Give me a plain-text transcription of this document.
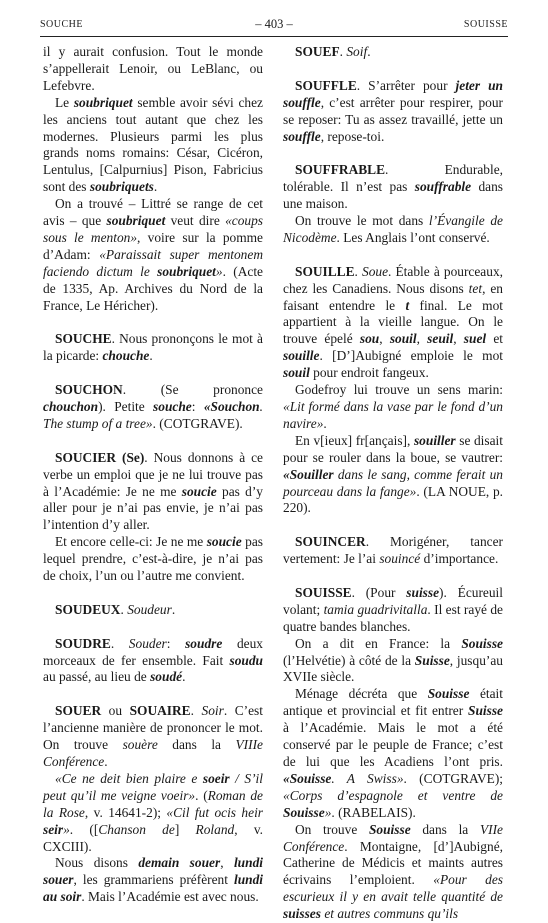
SOUCHE	– 403 –	SOUISSE

il y aurait confusion. Tout le monde s’appellerait Lenoir, ou LeBlanc, ou Lefebvre.

Le soubriquet semble avoir sévi chez les anciens tout autant que chez les modernes. Plusieurs parmi les plus grands noms romains: César, Cicéron, Lentulus, [Calpurnius] Pison, Fabricius sont des soubriquets.

On a trouvé – Littré se range de cet avis – que soubriquet veut dire «coups sous le menton», voire sur la pomme d’Adam: «Paraissait super mentonem faciendo dictum le soubriquet». (Acte de 1335, Ap. Archives du Nord de la France, Le Héricher).

SOUCHE. Nous prononçons le mot à la picarde: chouche.

SOUCHON. (Se prononce chouchon). Petite souche: «Souchon. The stump of a tree». (COTGRAVE).

SOUCIER (Se). Nous donnons à ce verbe un emploi que je ne lui trouve pas à l’Académie: Je ne me soucie pas d’y aller pour je n’ai pas envie, je n’ai pas l’intention d’y aller.

Et encore celle-ci: Je ne me soucie pas lequel prendre, c’est-à-dire, je n’ai pas de choix, l’un ou l’autre me convient.

SOUDEUX. Soudeur.

SOUDRE. Souder: soudre deux morceaux de fer ensemble. Fait soudu au passé, au lieu de soudé.

SOUER ou SOUAIRE. Soir. C’est l’ancienne manière de prononcer le mot. On trouve souère dans la VIIIe Conférence.

«Ce ne deit bien plaire e soeir / S’il peut qu’il me veigne voeir». (Roman de la Rose, v. 14641-2); «Cil fut ocis heir seir». ([Chanson de] Roland, v. CXCIII).

Nous disons demain souer, lundi souer, les grammariens préfèrent lundi au soir. Mais l’Académie est avec nous.

SOUEF. Soif.

SOUFFLE. S’arrêter pour jeter un souffle, c’est arrêter pour respirer, pour se reposer: Tu as assez travaillé, jette un souffle, repose-toi.

SOUFFRABLE. Endurable, tolérable. Il n’est pas souffrable dans une maison.

On trouve le mot dans l’Évangile de Nicodème. Les Anglais l’ont conservé.

SOUILLE. Soue. Étable à pourceaux, chez les Canadiens. Nous disons tet, en faisant entendre le t final. Le mot appartient à la vieille langue. On le trouve épelé sou, souil, seuil, suel et souille. [D’]Aubigné emploie le mot souil pour endroit fangeux.

Godefroy lui trouve un sens marin: «Lit formé dans la vase par le fond d’un navire».

En v[ieux] fr[ançais], souiller se disait pour se rouler dans la boue, se vautrer: «Souiller dans le sang, comme ferait un pourceau dans la fange». (LA NOUE, p. 220).

SOUINCER. Morigéner, tancer vertement: Je l’ai souincé d’importance.

SOUISSE. (Pour suisse). Écureuil volant; tamia guadrivitalla. Il est rayé de quatre bandes blanches.

On a dit en France: la Souisse (l’Helvétie) à côté de la Suisse, jusqu’au XVIIe siècle.

Ménage décréta que Souisse était antique et provincial et fit entrer Suisse à l’Académie. Mais le mot a été conservé par le peuple de France; c’est de lui que les Acadiens l’ont pris. «Souisse. A Swiss». (COTGRAVE); «Corps d’espagnole et ventre de Souisse». (RABELAIS).

On trouve Souisse dans la VIIe Conférence. Montaigne, [d’]Aubigné, Catherine de Médicis et maints autres écrivains l’emploient. «Pour des escurieux il y en avait telle quantité de suisses et autres communs qu’ils
